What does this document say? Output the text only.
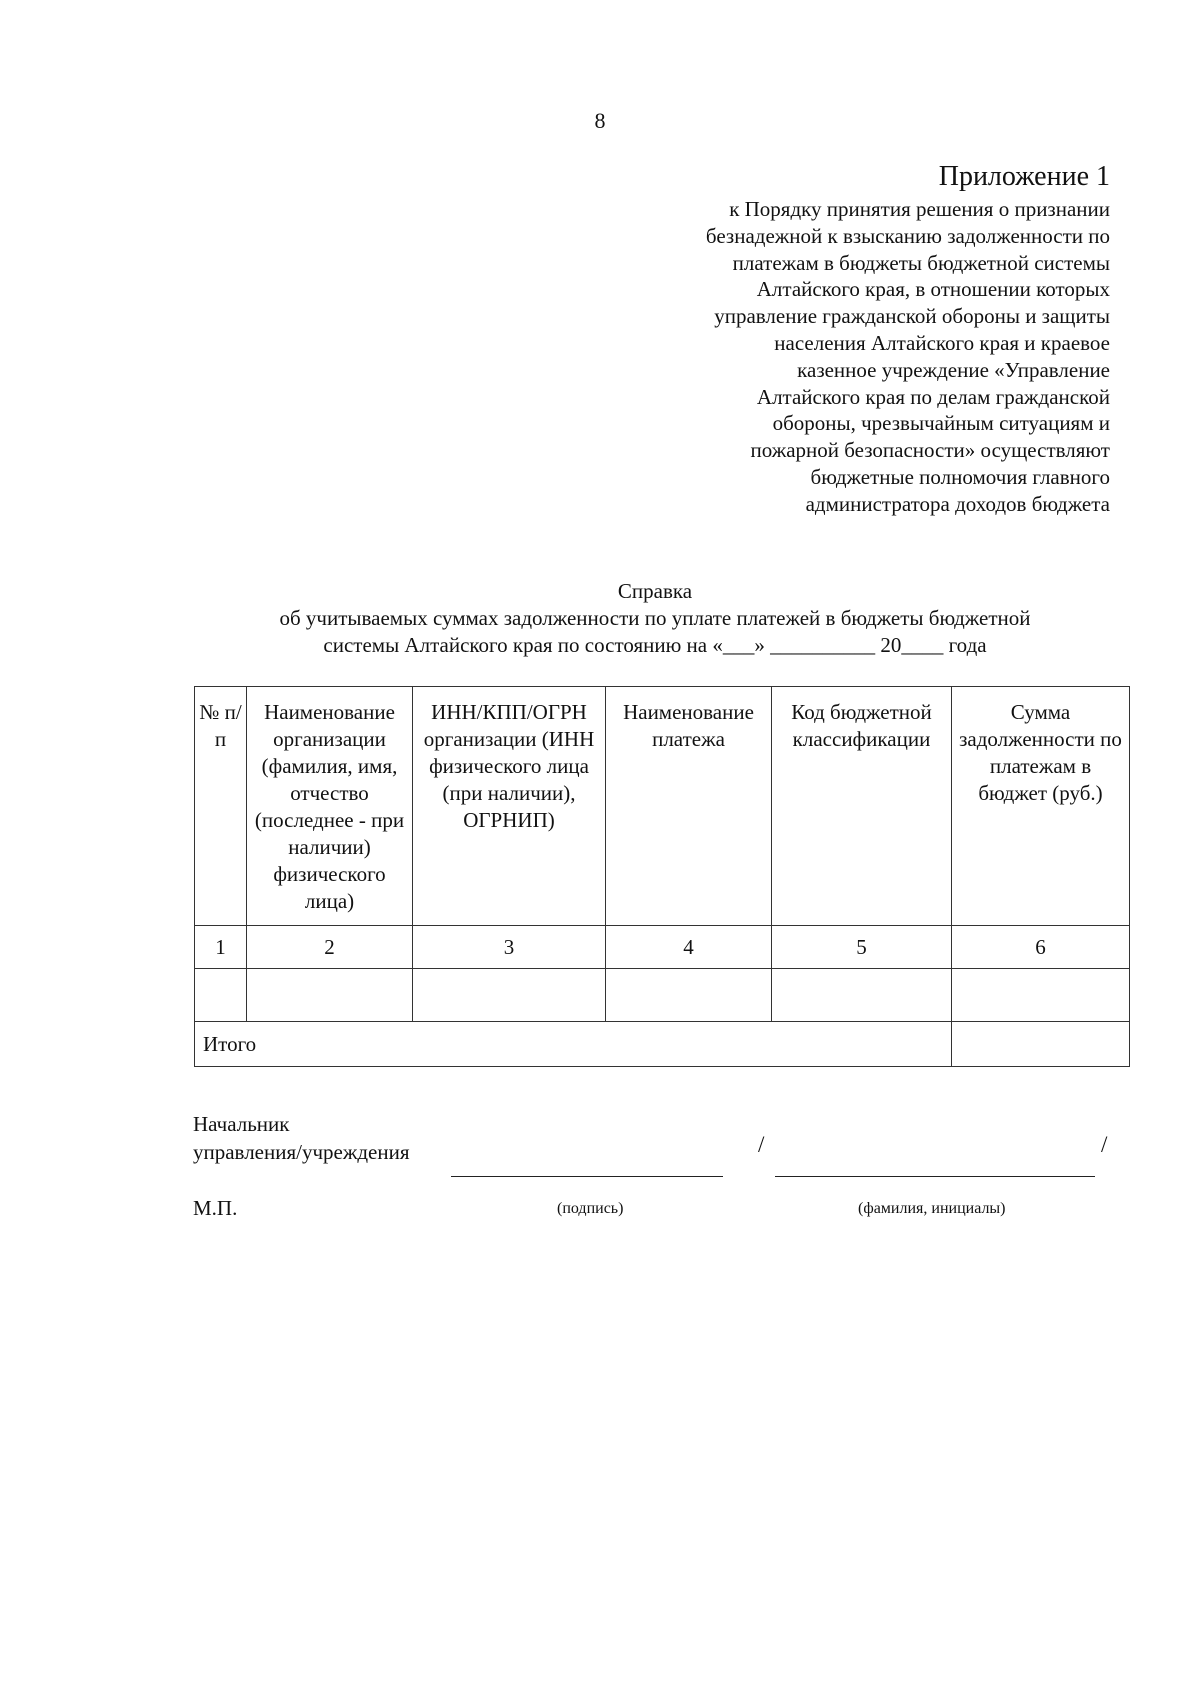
8
Приложение 1
к Порядку принятия решения о признании
безнадежной к взысканию задолженности по
платежам в бюджеты бюджетной системы
Алтайского края, в отношении которых
управление гражданской обороны и защиты
населения Алтайского края и краевое
казенное учреждение «Управление
Алтайского края по делам гражданской
обороны, чрезвычайным ситуациям и
пожарной безопасности» осуществляют
бюджетные полномочия главного
администратора доходов бюджета
Справка
об учитываемых суммах задолженности по уплате платежей в бюджеты бюджетной
системы Алтайского края по состоянию на «___» __________ 20____ года
№ п/п	Наименование организации (фамилия, имя, отчество (последнее - при наличии) физического лица)	ИНН/КПП/ОГРН организации (ИНН физического лица (при наличии), ОГРНИП)	Наименование платежа	Код бюджетной классификации	Сумма задолженности по платежам в бюджет (руб.)
1	2	3	4	5	6

Итого					
Начальник
управления/учреждения	/	/
М.П.	(подпись)	(фамилия, инициалы)
